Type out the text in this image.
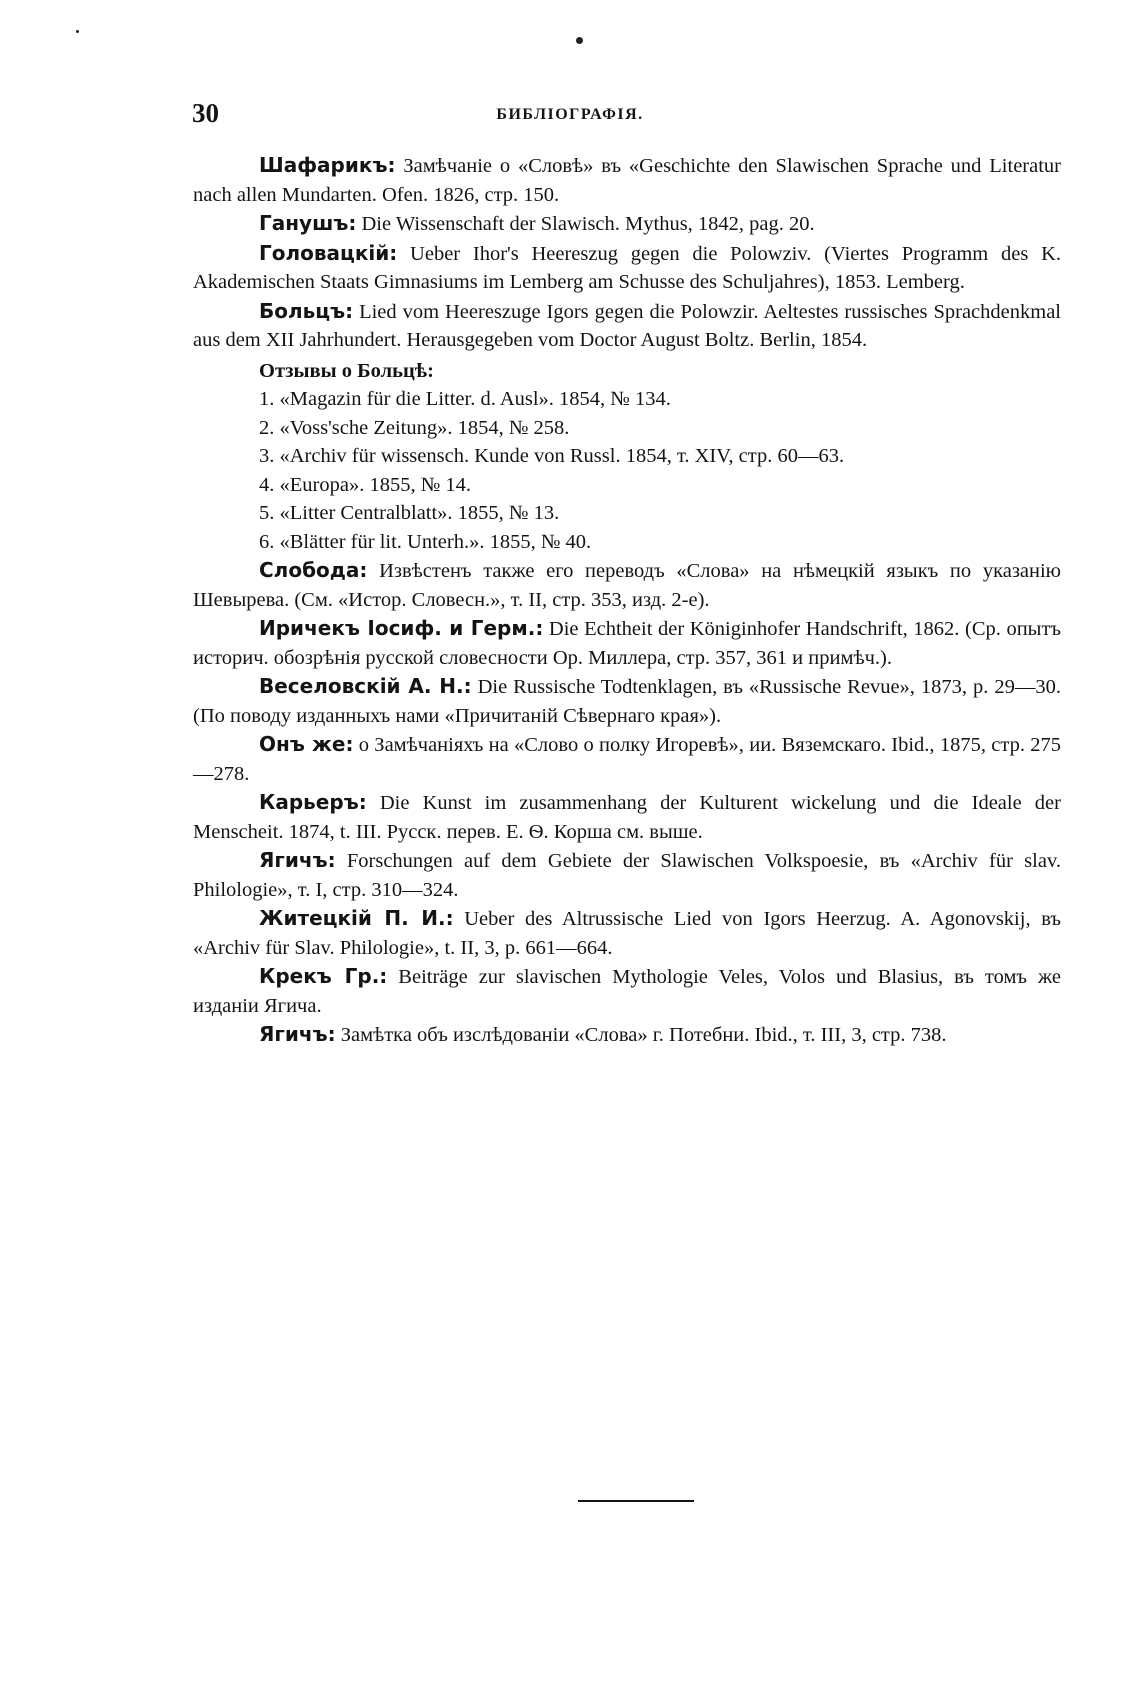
30	БИБЛІОГРАФІЯ.

Шафарикъ: Замѣчаніе о «Словѣ» въ «Geschichte den Slawischen Sprache und Literatur nach allen Mundarten. Ofen. 1826, стр. 150.

Ганушъ: Die Wissenschaft der Slawisch. Mythus, 1842, pag. 20.

Головацкій: Ueber Ihor's Heereszug gegen die Polowziv. (Viertes Programm des K. Akademischen Staats Gimnasiums im Lemberg am Schusse des Schuljahres), 1853. Lemberg.

Больцъ: Lied vom Heereszuge Igors gegen die Polowzir. Aeltestes russisches Sprachdenkmal aus dem XII Jahrhundert. Herausgegeben vom Doctor August Boltz. Berlin, 1854.

Отзывы о Больцѣ:
1. «Magazin für die Litter. d. Ausl». 1854, № 134.
2. «Voss'sche Zeitung». 1854, № 258.
3. «Archiv für wissensch. Kunde von Russl. 1854, т. XIV, стр. 60—63.
4. «Europa». 1855, № 14.
5. «Litter Centralblatt». 1855, № 13.
6. «Blätter für lit. Unterh.». 1855, № 40.

Слобода: Извѣстенъ также его переводъ «Слова» на нѣмецкій языкъ по указанію Шевырева. (См. «Истор. Словесн.», т. II, стр. 353, изд. 2-е).

Иричекъ Іосиф. и Герм.: Die Echtheit der Königinhofer Handschrift, 1862. (Ср. опытъ историч. обозрѣнія русской словесности Ор. Миллера, стр. 357, 361 и примѣч.).

Веселовскій А. Н.: Die Russische Todtenklagen, въ «Russische Revue», 1873, p. 29—30. (По поводу изданныхъ нами «Причитаній Сѣвернаго края»).

Онъ же: о Замѣчаніяхъ на «Слово о полку Игоревѣ», ии. Вяземскаго. Ibid., 1875, стр. 275—278.

Карьеръ: Die Kunst im zusammenhang der Kulturent wickelung und die Ideale der Menscheit. 1874, t. III. Русск. перев. Е. Ѳ. Корша см. выше.

Ягичъ: Forschungen auf dem Gebiete der Slawischen Volkspoesie, въ «Archiv für slav. Philologie», т. I, стр. 310—324.

Житецкій П. И.: Ueber des Altrussische Lied von Igors Heerzug. A. Agonovskij, въ «Archiv für Slav. Philologie», t. II, 3, p. 661—664.

Крекъ Гр.: Beiträge zur slavischen Mythologie Veles, Volos und Blasius, въ томъ же изданіи Ягича.

Ягичъ: Замѣтка объ изслѣдованіи «Слова» г. Потебни. Ibid., т. III, 3, стр. 738.
